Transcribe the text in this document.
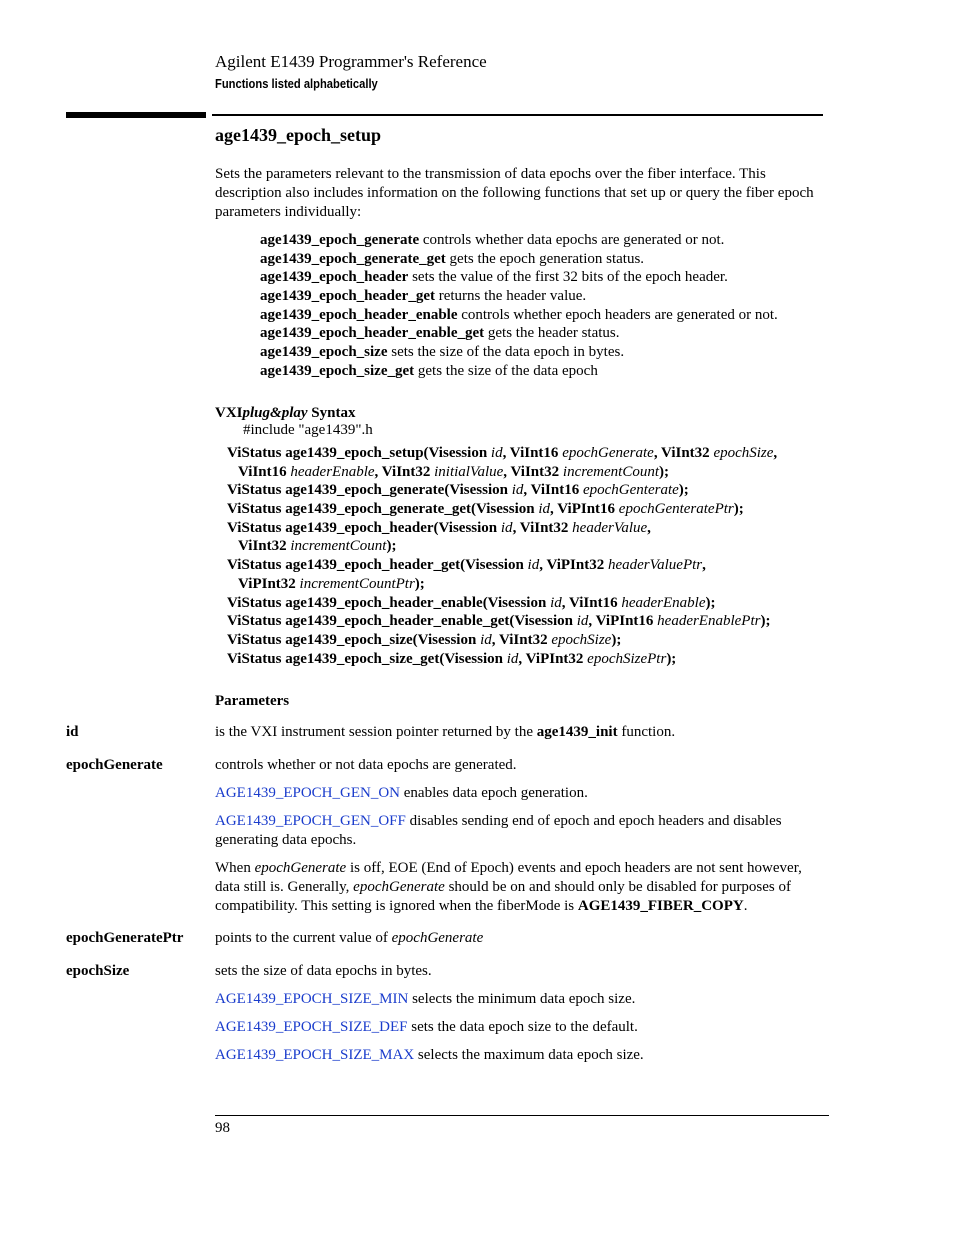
Agilent E1439 Programmer's Reference
Functions listed alphabetically
age1439_epoch_setup
Sets the parameters relevant to the transmission of data epochs over the fiber interface. This description also includes information on the following functions that set up or query the fiber epoch parameters individually:
age1439_epoch_generate controls whether data epochs are generated or not.
age1439_epoch_generate_get gets the epoch generation status.
age1439_epoch_header sets the value of the first 32 bits of the epoch header.
age1439_epoch_header_get returns the header value.
age1439_epoch_header_enable controls whether epoch headers are generated or not.
age1439_epoch_header_enable_get gets the header status.
age1439_epoch_size sets the size of the data epoch in bytes.
age1439_epoch_size_get gets the size of the data epoch
VXIplug&play Syntax
#include "age1439".h
ViStatus age1439_epoch_setup(Visession id, ViInt16 epochGenerate, ViInt32 epochSize,
ViInt16 headerEnable, ViInt32 initialValue, ViInt32 incrementCount);
ViStatus age1439_epoch_generate(Visession id, ViInt16 epochGenterate);
ViStatus age1439_epoch_generate_get(Visession id, ViPInt16 epochGenteratePtr);
ViStatus age1439_epoch_header(Visession id, ViInt32 headerValue,
ViInt32 incrementCount);
ViStatus age1439_epoch_header_get(Visession id, ViPInt32 headerValuePtr,
ViPInt32 incrementCountPtr);
ViStatus age1439_epoch_header_enable(Visession id, ViInt16 headerEnable);
ViStatus age1439_epoch_header_enable_get(Visession id, ViPInt16 headerEnablePtr);
ViStatus age1439_epoch_size(Visession id, ViInt32 epochSize);
ViStatus age1439_epoch_size_get(Visession id, ViPInt32 epochSizePtr);
Parameters
id	is the VXI instrument session pointer returned by the age1439_init function.
epochGenerate	controls whether or not data epochs are generated.
AGE1439_EPOCH_GEN_ON enables data epoch generation.
AGE1439_EPOCH_GEN_OFF disables sending end of epoch and epoch headers and disables generating data epochs.
When epochGenerate is off, EOE (End of Epoch) events and epoch headers are not sent however, data still is. Generally, epochGenerate should be on and should only be disabled for purposes of compatibility. This setting is ignored when the fiberMode is AGE1439_FIBER_COPY.
epochGeneratePtr points to the current value of epochGenerate
epochSize	sets the size of data epochs in bytes.
AGE1439_EPOCH_SIZE_MIN selects the minimum data epoch size.
AGE1439_EPOCH_SIZE_DEF sets the data epoch size to the default.
AGE1439_EPOCH_SIZE_MAX selects the maximum data epoch size.
98
